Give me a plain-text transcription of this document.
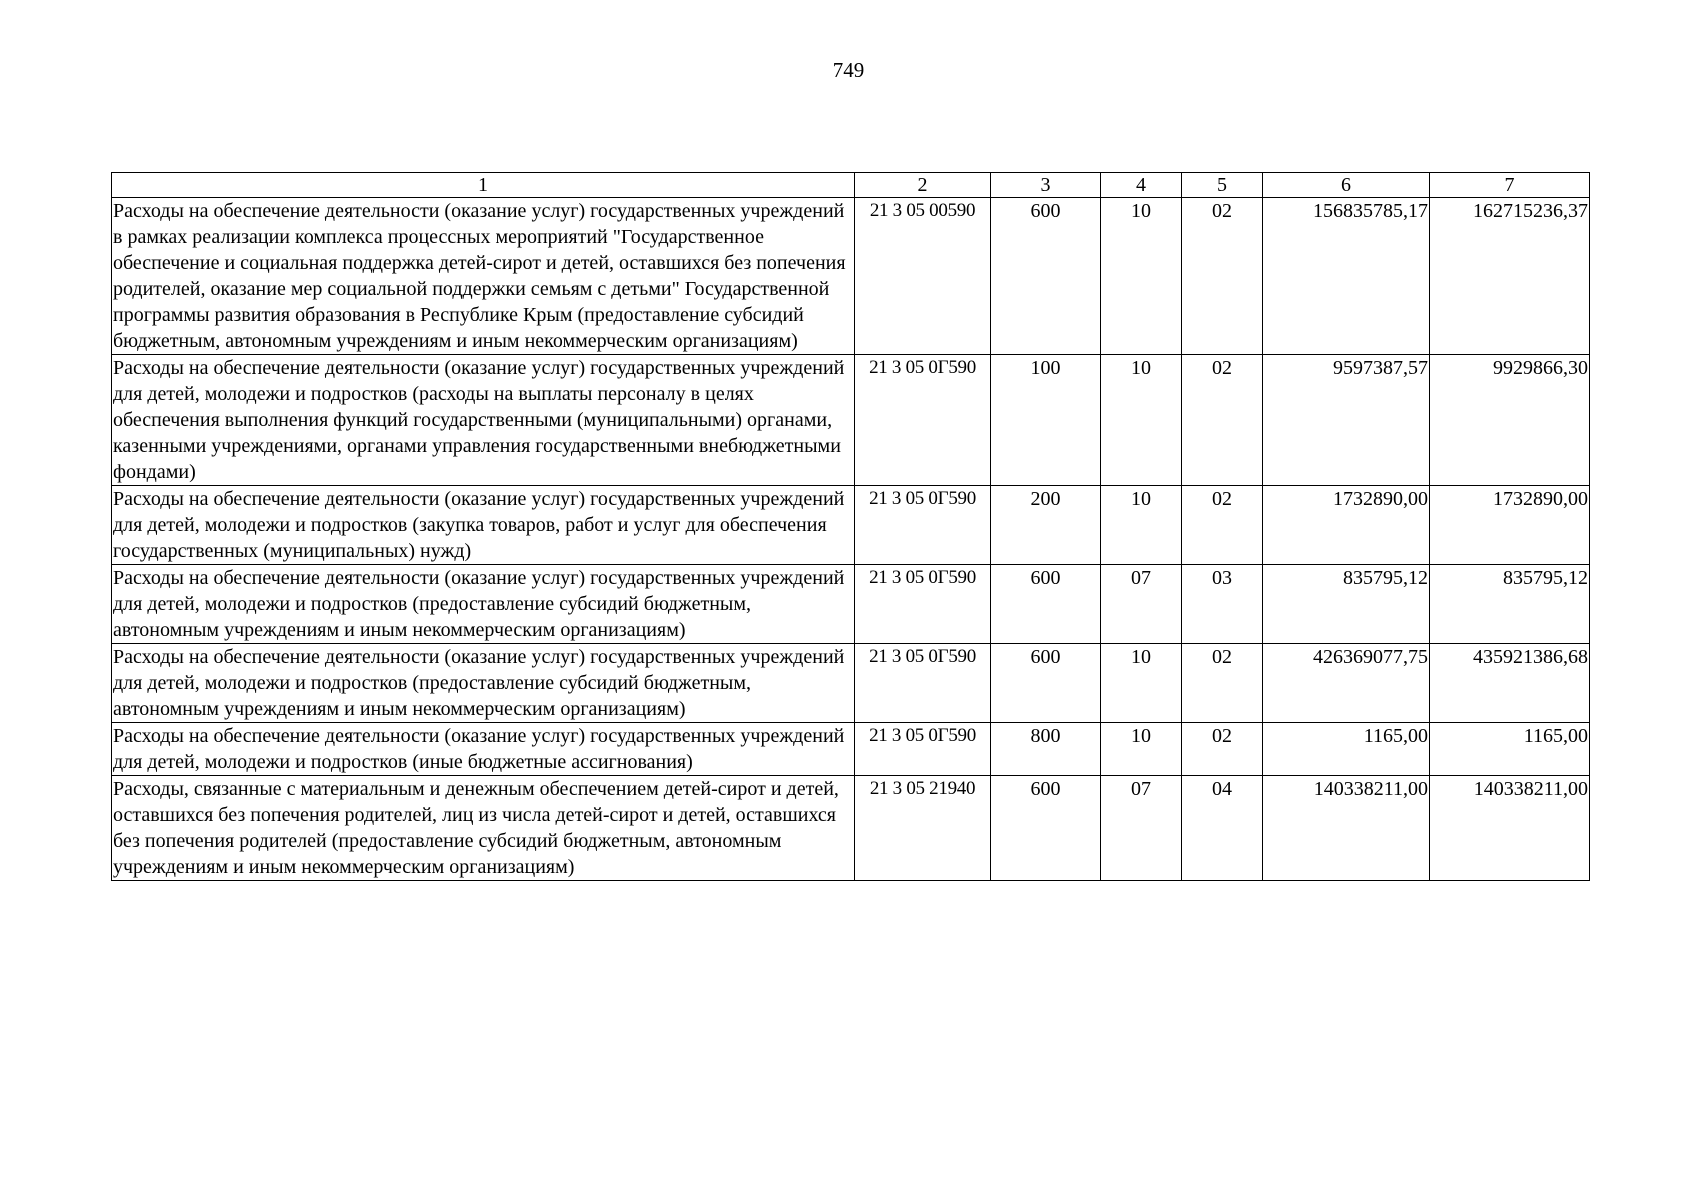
749
1	2	3	4	5	6	7
Расходы на обеспечение деятельности (оказание услуг) государственных учреждений в рамках реализации комплекса процессных мероприятий "Государственное обеспечение и социальная поддержка детей-сирот и детей, оставшихся без попечения родителей, оказание мер социальной поддержки семьям с детьми" Государственной программы развития образования в Республике Крым (предоставление субсидий бюджетным, автономным учреждениям и иным некоммерческим организациям)	21 3 05 00590	600	10	02	156835785,17	162715236,37
Расходы на обеспечение деятельности (оказание услуг) государственных учреждений для детей, молодежи и подростков (расходы на выплаты персоналу в целях обеспечения выполнения функций государственными (муниципальными) органами, казенными учреждениями, органами управления государственными внебюджетными фондами)	21 3 05 0Г590	100	10	02	9597387,57	9929866,30
Расходы на обеспечение деятельности (оказание услуг) государственных учреждений для детей, молодежи и подростков (закупка товаров, работ и услуг для обеспечения государственных (муниципальных) нужд)	21 3 05 0Г590	200	10	02	1732890,00	1732890,00
Расходы на обеспечение деятельности (оказание услуг) государственных учреждений для детей, молодежи и подростков (предоставление субсидий бюджетным, автономным учреждениям и иным некоммерческим организациям)	21 3 05 0Г590	600	07	03	835795,12	835795,12
Расходы на обеспечение деятельности (оказание услуг) государственных учреждений для детей, молодежи и подростков (предоставление субсидий бюджетным, автономным учреждениям и иным некоммерческим организациям)	21 3 05 0Г590	600	10	02	426369077,75	435921386,68
Расходы на обеспечение деятельности (оказание услуг) государственных учреждений для детей, молодежи и подростков (иные бюджетные ассигнования)	21 3 05 0Г590	800	10	02	1165,00	1165,00
Расходы, связанные с материальным и денежным обеспечением детей-сирот и детей, оставшихся без попечения родителей, лиц из числа детей-сирот и детей, оставшихся без попечения родителей (предоставление субсидий бюджетным, автономным учреждениям и иным некоммерческим организациям)	21 3 05 21940	600	07	04	140338211,00	140338211,00
